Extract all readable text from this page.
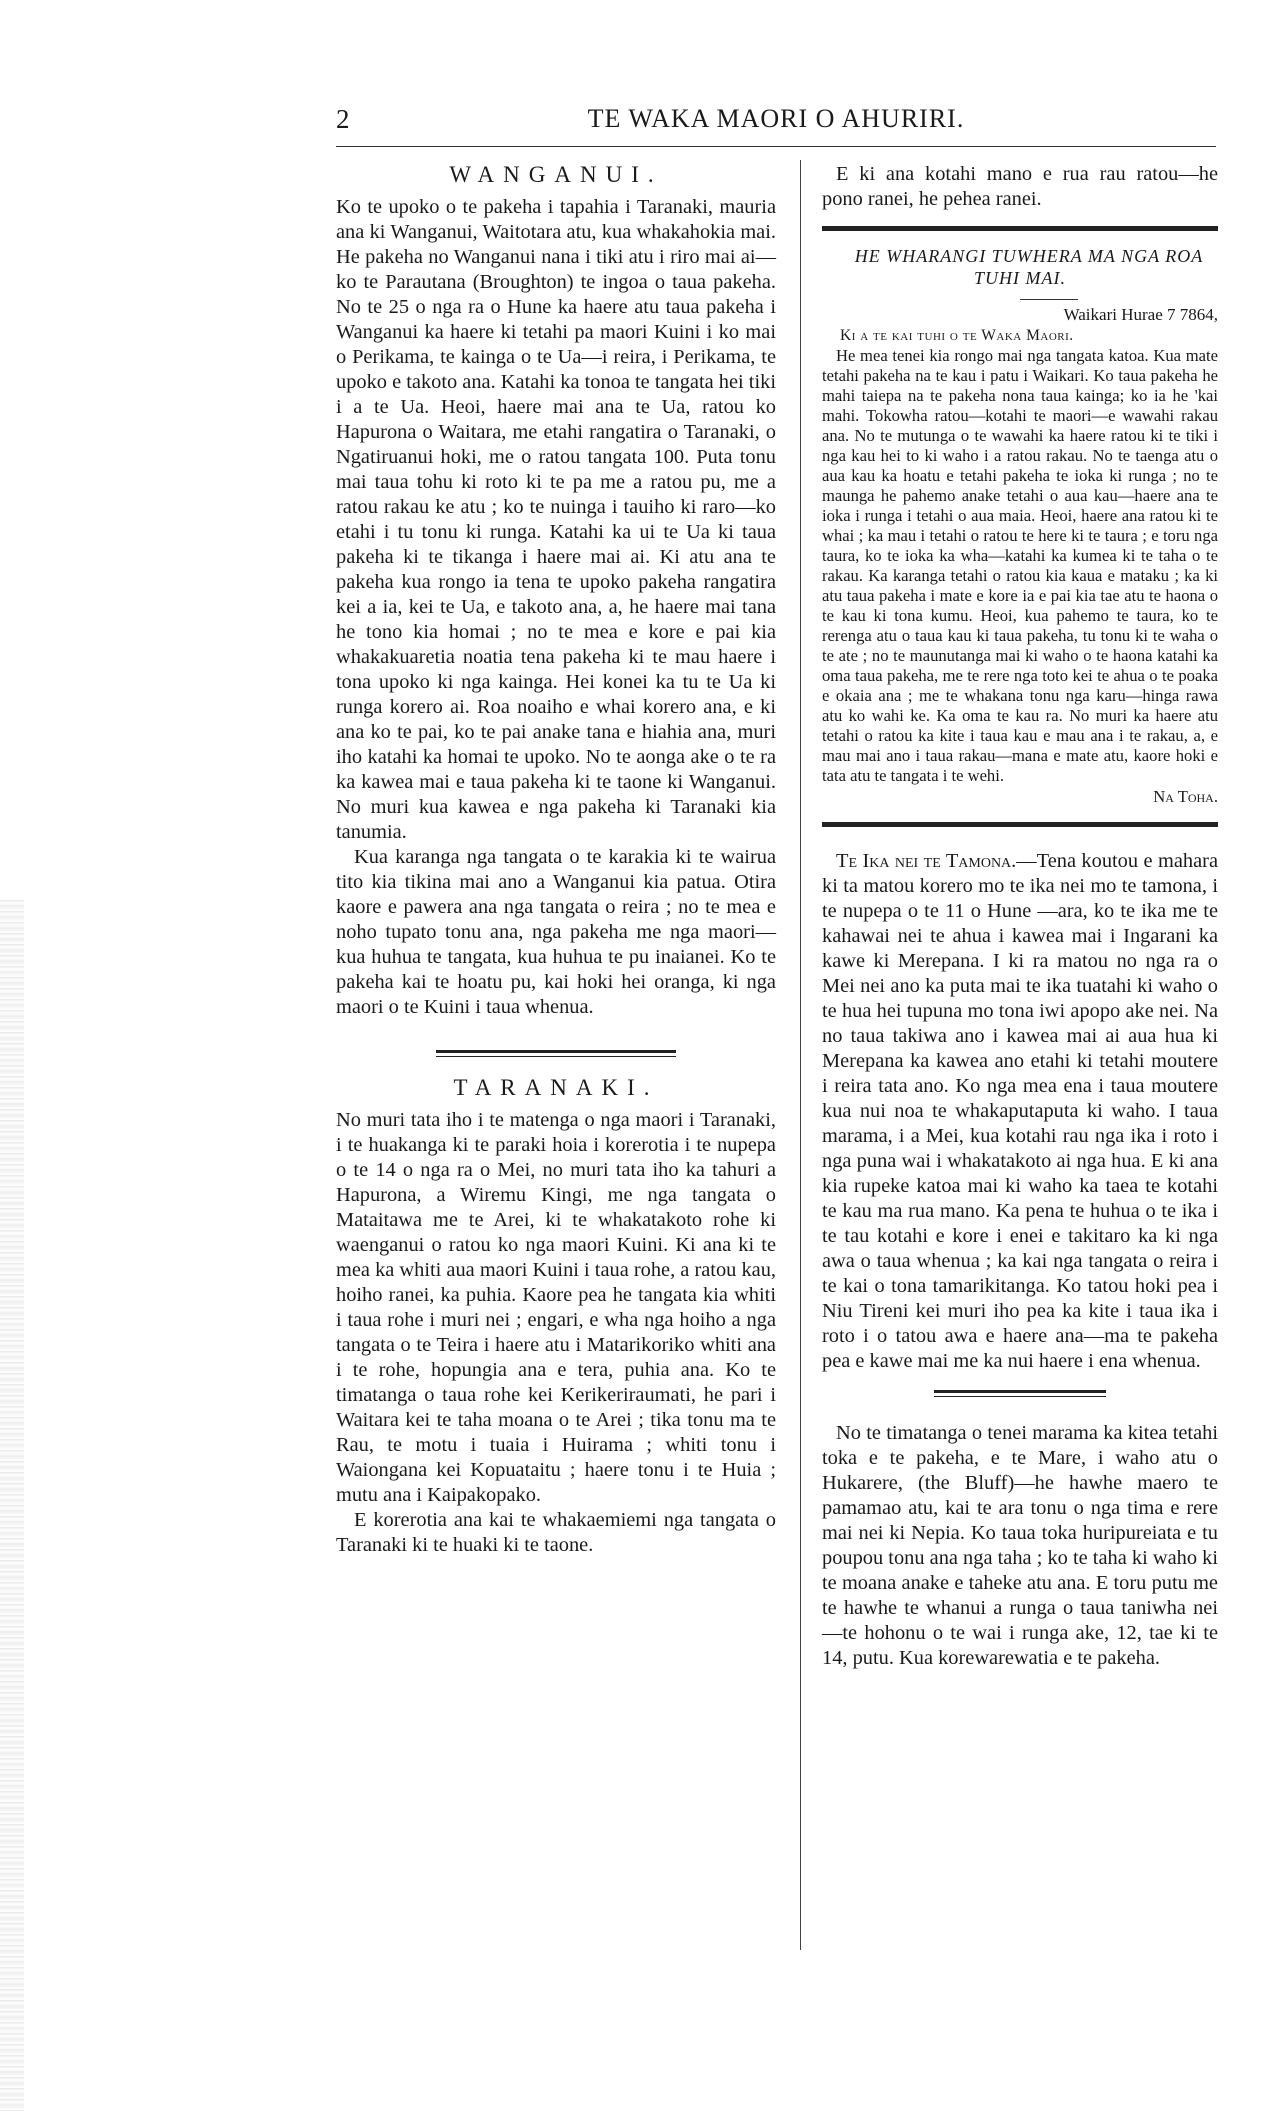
2	TE WAKA MAORI O AHURIRI.
WANGANUI.

Ko te upoko o te pakeha i tapahia i Taranaki, mauria ana ki Wanganui, Waitotara atu, kua whakahokia mai. He pakeha no Wanganui nana i tiki atu i riro mai ai—ko te Parautana (Broughton) te ingoa o taua pakeha. No te 25 o nga ra o Hune ka haere atu taua pakeha i Wanganui ka haere ki tetahi pa maori Kuini i ko mai o Perikama, te kainga o te Ua—i reira, i Perikama, te upoko e takoto ana. Katahi ka tonoa te tangata hei tiki i a te Ua. Heoi, haere mai ana te Ua, ratou ko Hapurona o Waitara, me etahi rangatira o Taranaki, o Ngatiruanui hoki, me o ratou tangata 100. Puta tonu mai taua tohu ki roto ki te pa me a ratou pu, me a ratou rakau ke atu ; ko te nuinga i tauiho ki raro—ko etahi i tu tonu ki runga. Katahi ka ui te Ua ki taua pakeha ki te tikanga i haere mai ai. Ki atu ana te pakeha kua rongo ia tena te upoko pakeha rangatira kei a ia, kei te Ua, e takoto ana, a, he haere mai tana he tono kia homai ; no te mea e kore e pai kia whakakuaretia noatia tena pakeha ki te mau haere i tona upoko ki nga kainga. Hei konei ka tu te Ua ki runga korero ai. Roa noaiho e whai korero ana, e ki ana ko te pai, ko te pai anake tana e hiahia ana, muri iho katahi ka homai te upoko. No te aonga ake o te ra ka kawea mai e taua pakeha ki te taone ki Wanganui. No muri kua kawea e nga pakeha ki Taranaki kia tanumia.

Kua karanga nga tangata o te karakia ki te wairua tito kia tikina mai ano a Wanganui kia patua. Otira kaore e pawera ana nga tangata o reira ; no te mea e noho tupato tonu ana, nga pakeha me nga maori—kua huhua te tangata, kua huhua te pu inaianei. Ko te pakeha kai te hoatu pu, kai hoki hei oranga, ki nga maori o te Kuini i taua whenua.

TARANAKI.

No muri tata iho i te matenga o nga maori i Taranaki, i te huakanga ki te paraki hoia i korerotia i te nupepa o te 14 o nga ra o Mei, no muri tata iho ka tahuri a Hapurona, a Wiremu Kingi, me nga tangata o Mataitawa me te Arei, ki te whakatakoto rohe ki waenganui o ratou ko nga maori Kuini. Ki ana ki te mea ka whiti aua maori Kuini i taua rohe, a ratou kau, hoiho ranei, ka puhia. Kaore pea he tangata kia whiti i taua rohe i muri nei ; engari, e wha nga hoiho a nga tangata o te Teira i haere atu i Matarikoriko whiti ana i te rohe, hopungia ana e tera, puhia ana. Ko te timatanga o taua rohe kei Kerikeriraumati, he pari i Waitara kei te taha moana o te Arei ; tika tonu ma te Rau, te motu i tuaia i Huirama ; whiti tonu i Waiongana kei Kopuataitu ; haere tonu i te Huia ; mutu ana i Kaipakopako.

E korerotia ana kai te whakaemiemi nga tangata o Taranaki ki te huaki ki te taone.

E ki ana kotahi mano e rua rau ratou—he pono ranei, he pehea ranei.

HE WHARANGI TUWHERA MA NGA ROA TUHI MAI.

Waikari Hurae 7 7864,

Ki a te kai tuhi o te Waka Maori.

He mea tenei kia rongo mai nga tangata katoa. Kua mate tetahi pakeha na te kau i patu i Waikari. Ko taua pakeha he mahi taiepa na te pakeha nona taua kainga; ko ia he 'kai mahi. Tokowha ratou—kotahi te maori—e wawahi rakau ana. No te mutunga o te wawahi ka haere ratou ki te tiki i nga kau hei to ki waho i a ratou rakau. No te taenga atu o aua kau ka hoatu e tetahi pakeha te ioka ki runga ; no te maunga he pahemo anake tetahi o aua kau—haere ana te ioka i runga i tetahi o aua maia. Heoi, haere ana ratou ki te whai ; ka mau i tetahi o ratou te here ki te taura ; e toru nga taura, ko te ioka ka wha—katahi ka kumea ki te taha o te rakau. Ka karanga tetahi o ratou kia kaua e mataku ; ka ki atu taua pakeha i mate e kore ia e pai kia tae atu te haona o te kau ki tona kumu. Heoi, kua pahemo te taura, ko te rerenga atu o taua kau ki taua pakeha, tu tonu ki te waha o te ate ; no te maunutanga mai ki waho o te haona katahi ka oma taua pakeha, me te rere nga toto kei te ahua o te poaka e okaia ana ; me te whakana tonu nga karu—hinga rawa atu ko wahi ke. Ka oma te kau ra. No muri ka haere atu tetahi o ratou ka kite i taua kau e mau ana i te rakau, a, e mau mai ano i taua rakau—mana e mate atu, kaore hoki e tata atu te tangata i te wehi.

Na Toha.

Te Ika nei te Tamona.—Tena koutou e mahara ki ta matou korero mo te ika nei mo te tamona, i te nupepa o te 11 o Hune —ara, ko te ika me te kahawai nei te ahua i kawea mai i Ingarani ka kawe ki Merepana. I ki ra matou no nga ra o Mei nei ano ka puta mai te ika tuatahi ki waho o te hua hei tupuna mo tona iwi apopo ake nei. Na no taua takiwa ano i kawea mai ai aua hua ki Merepana ka kawea ano etahi ki tetahi moutere i reira tata ano. Ko nga mea ena i taua moutere kua nui noa te whakaputaputa ki waho. I taua marama, i a Mei, kua kotahi rau nga ika i roto i nga puna wai i whakatakoto ai nga hua. E ki ana kia rupeke katoa mai ki waho ka taea te kotahi te kau ma rua mano. Ka pena te huhua o te ika i te tau kotahi e kore i enei e takitaro ka ki nga awa o taua whenua ; ka kai nga tangata o reira i te kai o tona tamarikitanga. Ko tatou hoki pea i Niu Tireni kei muri iho pea ka kite i taua ika i roto i o tatou awa e haere ana—ma te pakeha pea e kawe mai me ka nui haere i ena whenua.

No te timatanga o tenei marama ka kitea tetahi toka e te pakeha, e te Mare, i waho atu o Hukarere, (the Bluff)—he hawhe maero te pamamao atu, kai te ara tonu o nga tima e rere mai nei ki Nepia. Ko taua toka huripureiata e tu poupou tonu ana nga taha ; ko te taha ki waho ki te moana anake e taheke atu ana. E toru putu me te hawhe te whanui a runga o taua taniwha nei—te hohonu o te wai i runga ake, 12, tae ki te 14, putu. Kua korewarewatia e te pakeha.
